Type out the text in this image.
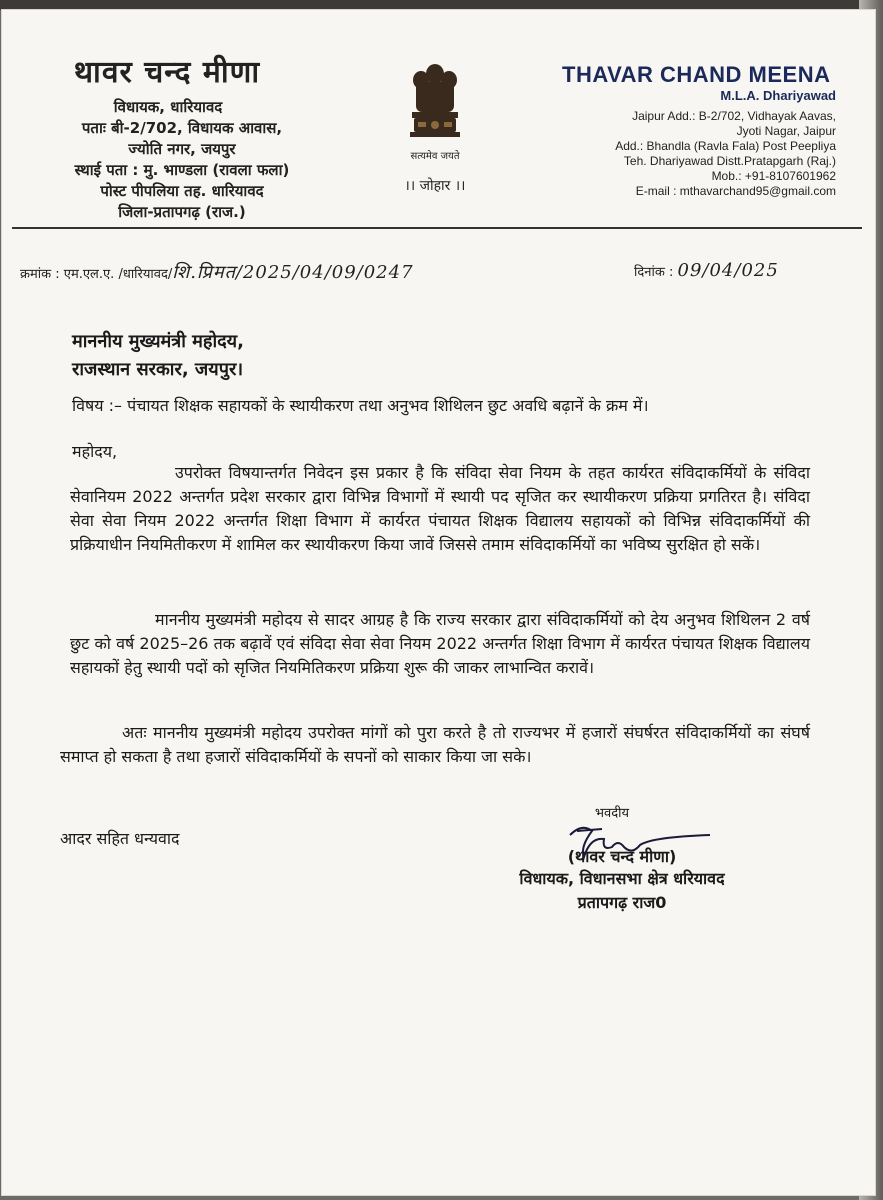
थावर चन्द मीणा
विधायक, धारियावद
पताः बी-2/702, विधायक आवास,
ज्योति नगर, जयपुर
स्थाई पता : मु. भाण्डला (रावला फला)
पोस्ट पीपलिया तह. धारियावद
जिला-प्रतापगढ़ (राज.)
सत्यमेव जयते
।। जोहार ।।
THAVAR CHAND MEENA
M.L.A. Dhariyawad
Jaipur Add.: B-2/702, Vidhayak Aavas,
Jyoti Nagar, Jaipur
Add.: Bhandla (Ravla Fala) Post Peepliya
Teh. Dhariyawad Distt.Pratapgarh (Raj.)
Mob.: +91-8107601962
E-mail : mthavarchand95@gmail.com
क्रमांक : एम.एल.ए. /धारियावद/शि.प्रिमत/2025/04/09/0247	दिनांक : 09/04/025
माननीय मुख्यमंत्री महोदय,
राजस्थान सरकार, जयपुर।
विषय :– पंचायत शिक्षक सहायकों के स्थायीकरण तथा अनुभव शिथिलन छुट अवधि बढ़ानें के क्रम में।
महोदय,
उपरोक्त विषयान्तर्गत निवेदन इस प्रकार है कि संविदा सेवा नियम के तहत कार्यरत संविदाकर्मियों के संविदा सेवानियम 2022 अन्तर्गत प्रदेश सरकार द्वारा विभिन्न विभागों में स्थायी पद सृजित कर स्थायीकरण प्रक्रिया प्रगतिरत है। संविदा सेवा सेवा नियम 2022 अन्तर्गत शिक्षा विभाग में कार्यरत पंचायत शिक्षक विद्यालय सहायकों को विभिन्न संविदाकर्मियों की प्रक्रियाधीन नियमितीकरण में शामिल कर स्थायीकरण किया जावें जिससे तमाम संविदाकर्मियों का भविष्य सुरक्षित हो सकें।
माननीय मुख्यमंत्री महोदय से सादर आग्रह है कि राज्य सरकार द्वारा संविदाकर्मियों को देय अनुभव शिथिलन 2 वर्ष छुट को वर्ष 2025–26 तक बढ़ावें एवं संविदा सेवा सेवा नियम 2022 अन्तर्गत शिक्षा विभाग में कार्यरत पंचायत शिक्षक विद्यालय सहायकों हेतु स्थायी पदों को सृजित नियमितिकरण प्रक्रिया शुरू की जाकर लाभान्वित करावें।
अतः माननीय मुख्यमंत्री महोदय उपरोक्त मांगों को पुरा करते है तो राज्यभर में हजारों संघर्षरत संविदाकर्मियों का संघर्ष समाप्त हो सकता है तथा हजारों संविदाकर्मियों के सपनों को साकार किया जा सके।
आदर सहित धन्यवाद
भवदीय
(थावर चन्द मीणा)
विधायक, विधानसभा क्षेत्र धरियावद
प्रतापगढ़ राज0
